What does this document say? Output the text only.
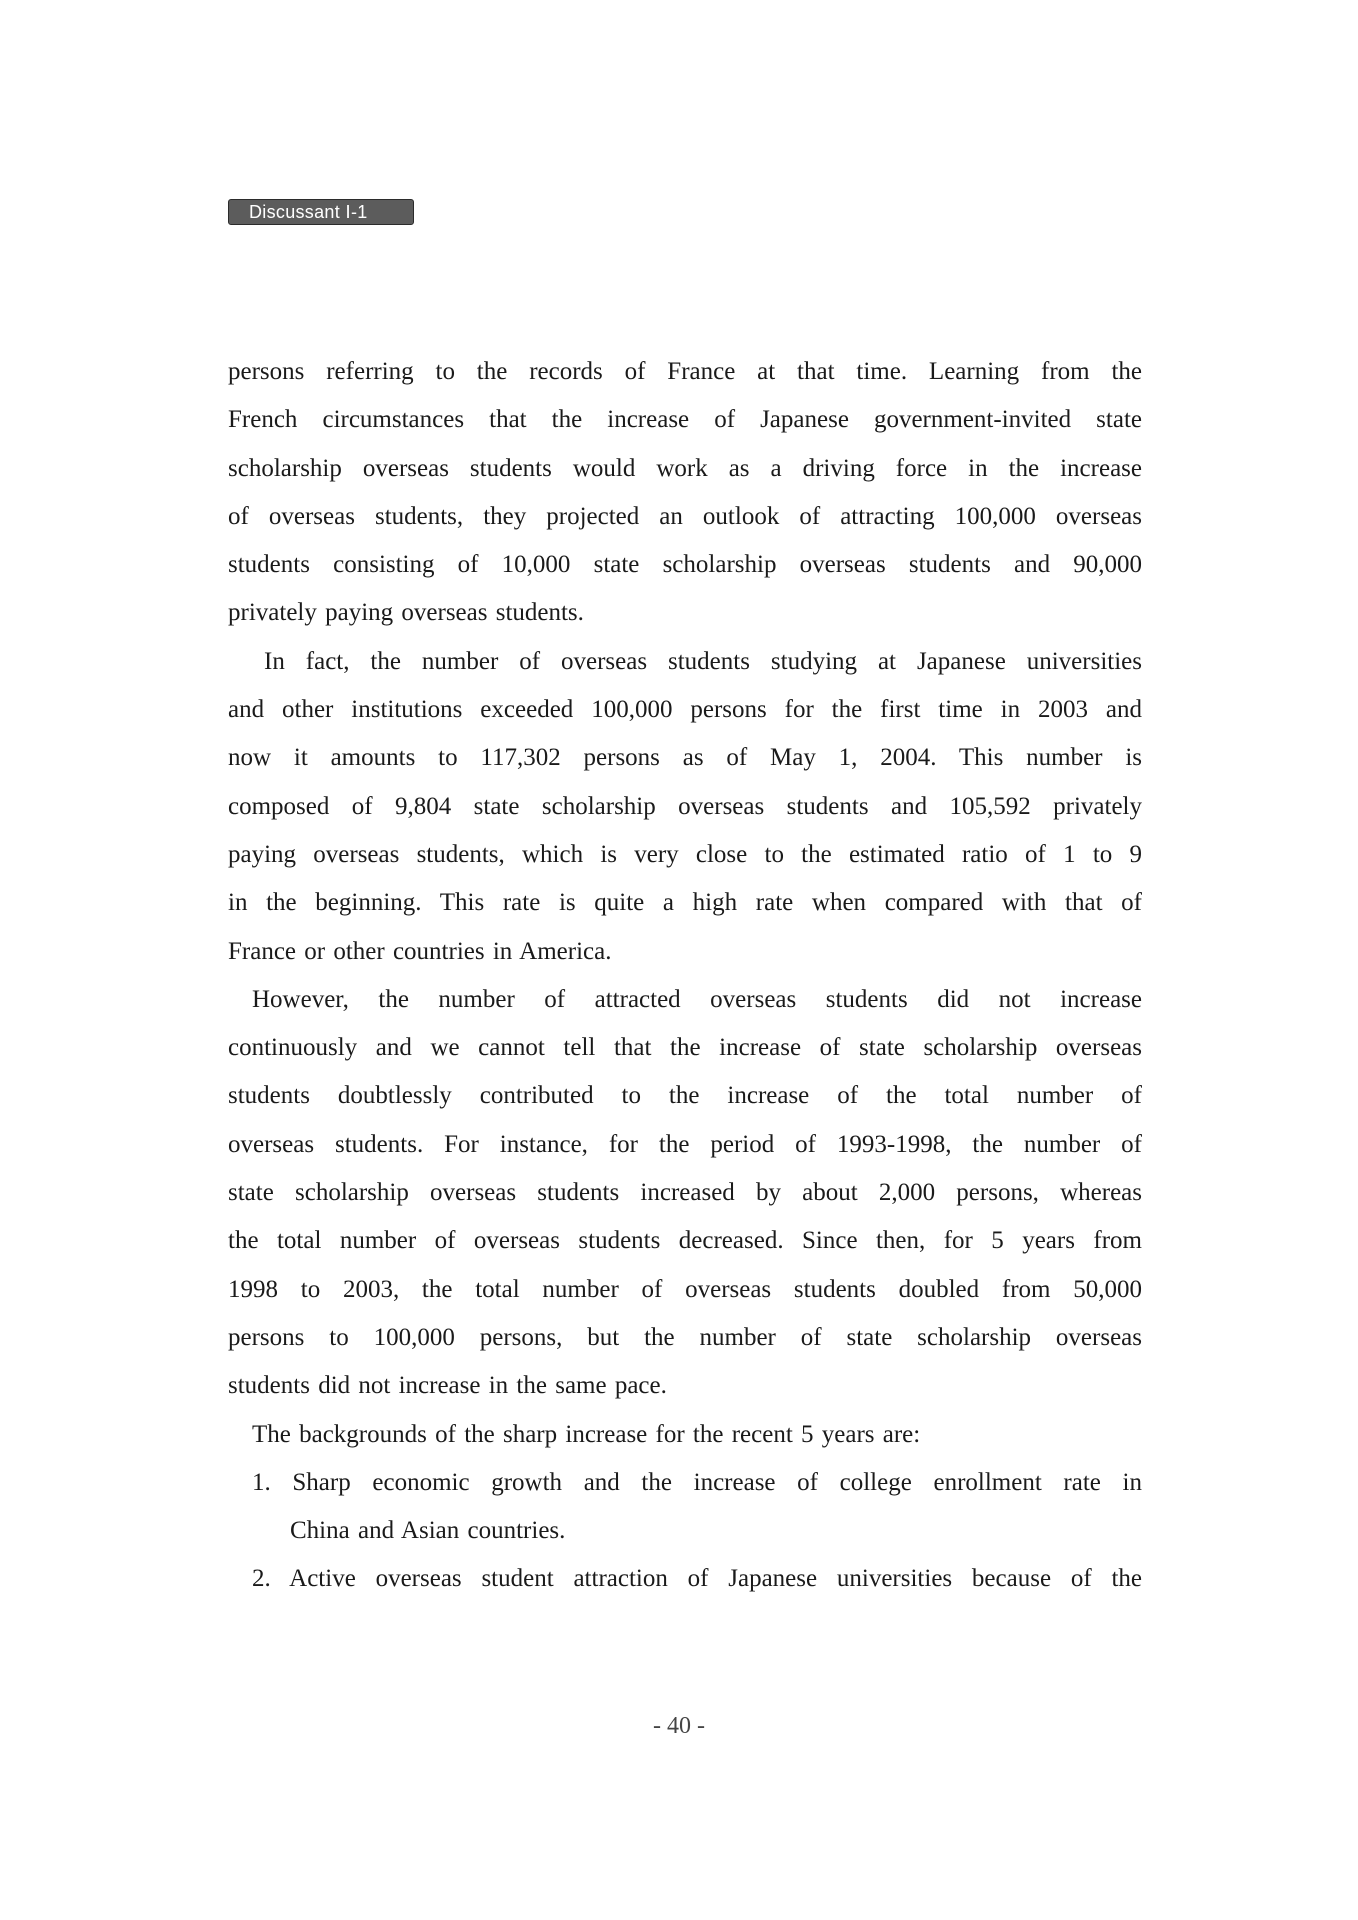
Discussant Ⅰ-1
persons referring to the records of France at that time. Learning from the
French circumstances that the increase of Japanese government-invited state
scholarship overseas students would work as a driving force in the increase
of overseas students, they projected an outlook of attracting 100,000 overseas
students consisting of 10,000 state scholarship overseas students and 90,000
privately paying overseas students.
In fact, the number of overseas students studying at Japanese universities
and other institutions exceeded 100,000 persons for the first time in 2003 and
now it amounts to 117,302 persons as of May 1, 2004. This number is
composed of 9,804 state scholarship overseas students and 105,592 privately
paying overseas students, which is very close to the estimated ratio of 1 to 9
in the beginning. This rate is quite a high rate when compared with that of
France or other countries in America.
However, the number of attracted overseas students did not increase
continuously and we cannot tell that the increase of state scholarship overseas
students doubtlessly contributed to the increase of the total number of
overseas students. For instance, for the period of 1993-1998, the number of
state scholarship overseas students increased by about 2,000 persons, whereas
the total number of overseas students decreased. Since then, for 5 years from
1998 to 2003, the total number of overseas students doubled from 50,000
persons to 100,000 persons, but the number of state scholarship overseas
students did not increase in the same pace.
The backgrounds of the sharp increase for the recent 5 years are:
1. Sharp economic growth and the increase of college enrollment rate in
China and Asian countries.
2. Active overseas student attraction of Japanese universities because of the
- 40 -
